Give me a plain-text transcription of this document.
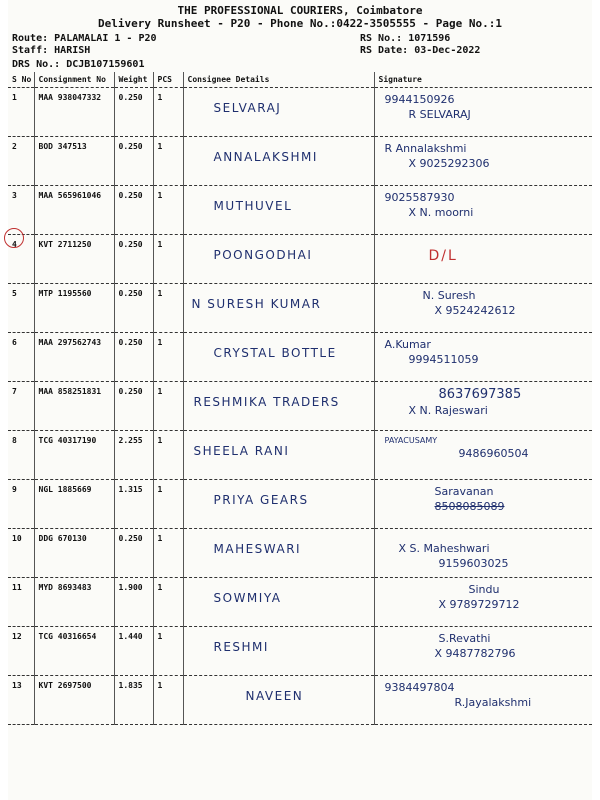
THE PROFESSIONAL COURIERS, Coimbatore
Delivery Runsheet - P20 - Phone No.:0422-3505555 - Page No.:1
Route: PALAMALAI 1 - P20
Staff: HARISH
DRS No.: DCJB107159601
RS No.: 1071596
RS Date: 03-Dec-2022
S No	Consignment No	Weight	PCS	Consignee Details	Signature
1	MAA 938047332	0.250	1	SELVARAJ	9944150926
R SELVARAJ

2	BOD 347513	0.250	1	ANNALAKSHMI	R Annalakshmi
X 9025292306

3	MAA 565961046	0.250	1	MUTHUVEL	9025587930
X N. moorni

4	KVT 2711250	0.250	1	POONGODHAI	D/L

5	MTP 1195560	0.250	1	N SURESH KUMAR	N. Suresh
X 9524242612

6	MAA 297562743	0.250	1	CRYSTAL BOTTLE	A.Kumar
9994511059

7	MAA 858251831	0.250	1	RESHMIKA TRADERS	8637697385
X N. Rajeswari

8	TCG 40317190	2.255	1	SHEELA RANI	PAYACUSAMY
9486960504

9	NGL 1885669	1.315	1	PRIYA GEARS	Saravanan
8508085089

10	DDG 670130	0.250	1	MAHESWARI	X S. Maheshwari
9159603025

11	MYD 8693483	1.900	1	SOWMIYA	Sindu
X 9789729712

12	TCG 40316654	1.440	1	RESHMI	S.Revathi
X 9487782796

13	KVT 2697500	1.835	1	NAVEEN	9384497804
R.Jayalakshmi
